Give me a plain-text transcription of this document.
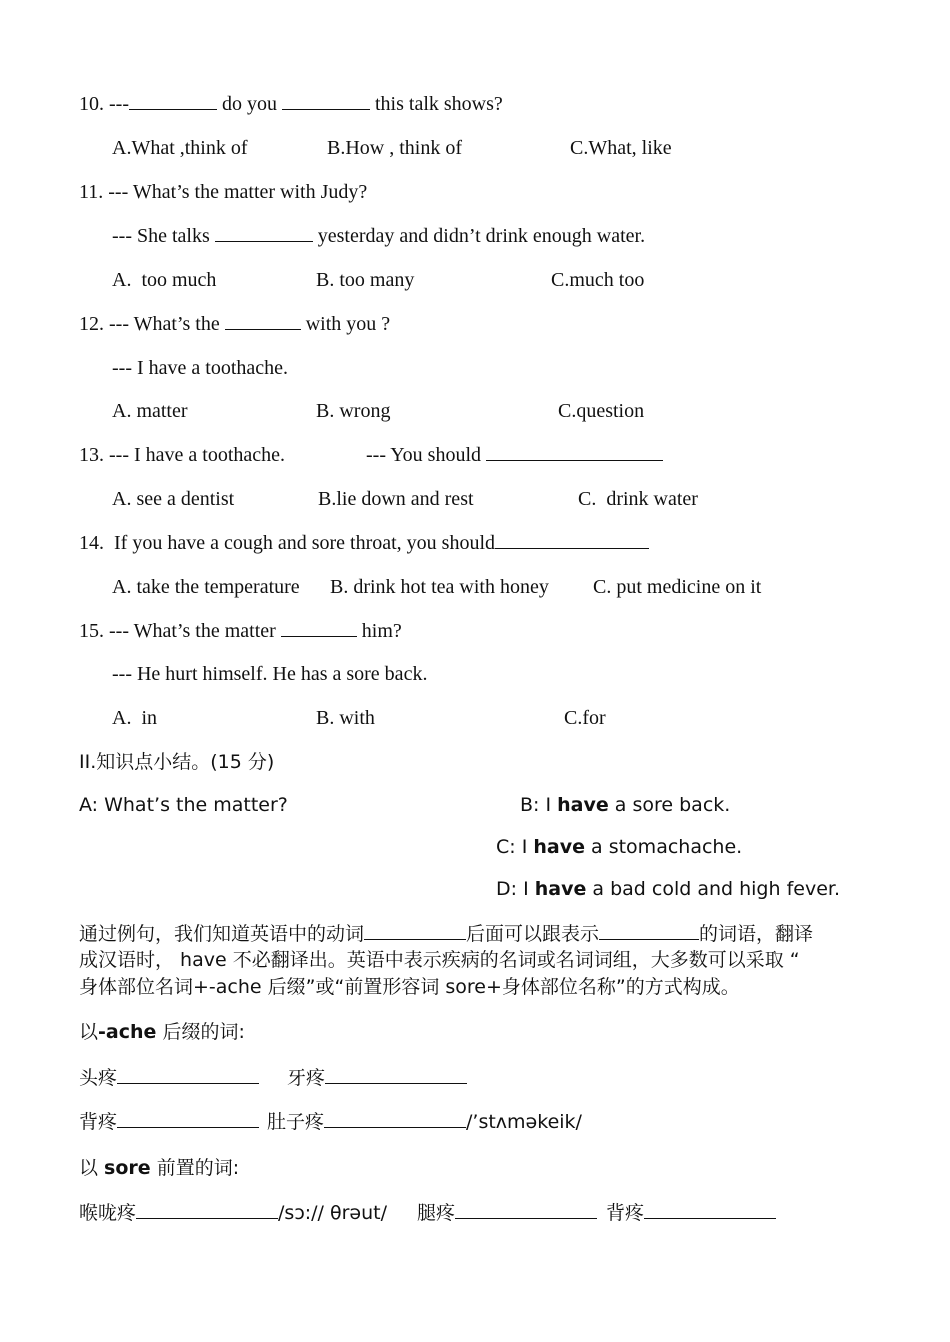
10. ---	do you	this talk shows?
A.What ,think of	B.How , think of	C.What, like
11. --- What’s the matter with Judy?
--- She talks	yesterday and didn’t drink enough water.
A.  too much	B. too many	C.much too
12. --- What’s the	with you ?
--- I have a toothache.
A. matter	B. wrong	C.question
13. --- I have a toothache.	--- You should
A. see a dentist	B.lie down and rest	C.  drink water
14.  If you have a cough and sore throat, you should
A. take the temperature B. drink hot tea with honey C. put medicine on it
15. --- What’s the matter	him?
--- He hurt himself. He has a sore back.
A.  in	B. with	C.for
II.知识点小结。(15 分)
A: What’s the matter?	B: I have a sore back.
C: I have a stomachache.
D: I have a bad cold and high fever.
通过例句，我们知道英语中的动词	后面可以跟表示	的词语，翻译
成汉语时， have 不必翻译出。英语中表示疾病的名词或名词词组，大多数可以采取 “
身体部位名词+-ache 后缀”或“前置形容词 sore+身体部位名称”的方式构成。
以-ache 后缀的词:
头疼	牙疼
背疼	肚子疼	/’stʌməkeik/
以 sore 前置的词:
喉咙疼	/sɔ:// θrəut/ 腿疼	背疼
